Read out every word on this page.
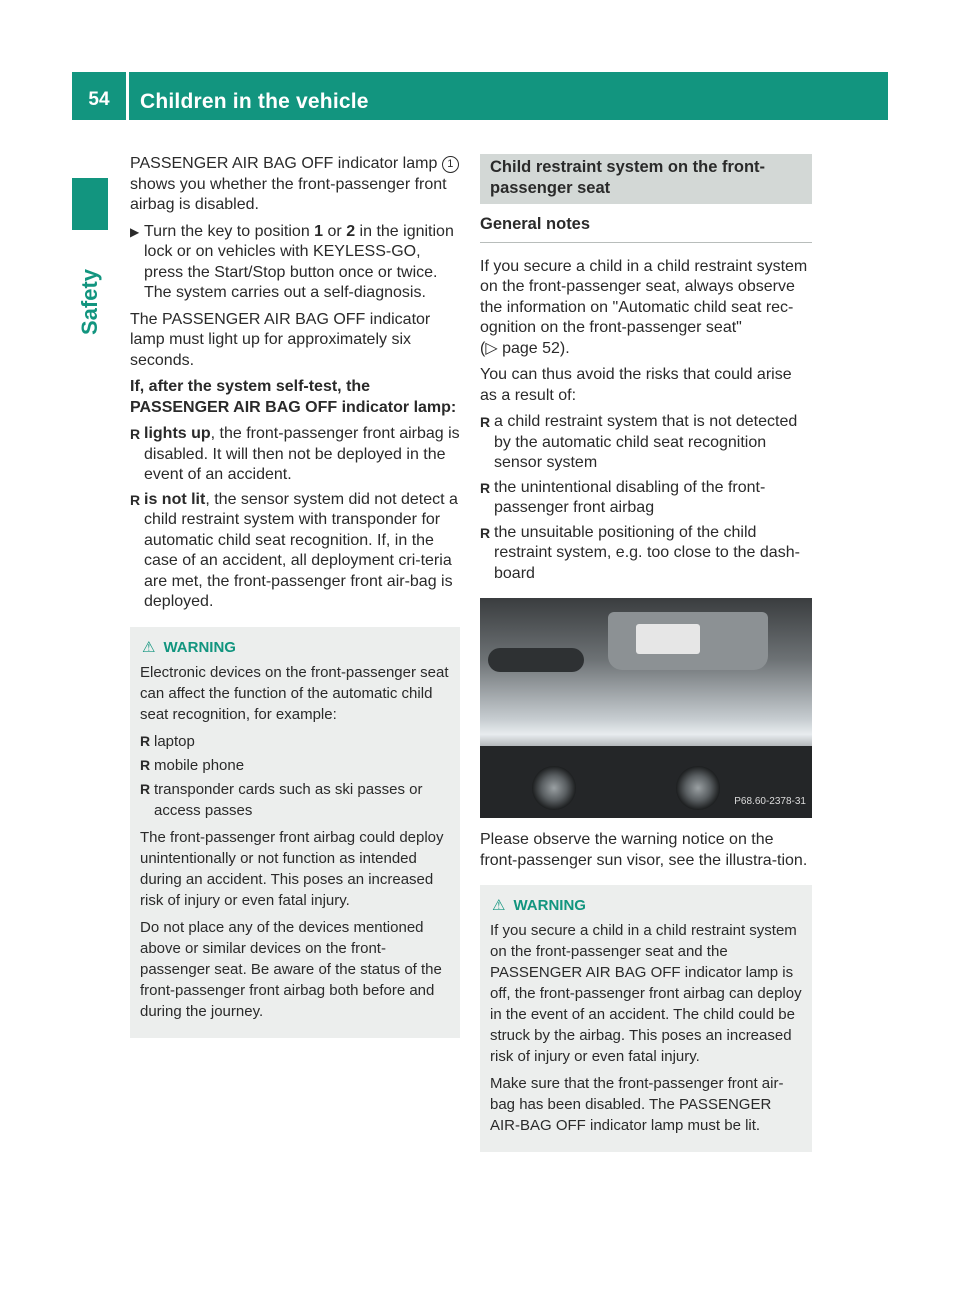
54	Children in the vehicle
Safety

PASSENGER AIR BAG OFF indicator lamp 1 shows you whether the front-passenger front airbag is disabled.

▶ Turn the key to position 1 or 2 in the ignition lock or on vehicles with KEYLESS-GO, press the Start/Stop button once or twice.
The system carries out a self-diagnosis.

The PASSENGER AIR BAG OFF indicator lamp must light up for approximately six seconds.

If, after the system self-test, the PASSENGER AIR BAG OFF indicator lamp:

R lights up, the front-passenger front airbag is disabled. It will then not be deployed in the event of an accident.
R is not lit, the sensor system did not detect a child restraint system with transponder for automatic child seat recognition. If, in the case of an accident, all deployment cri-teria are met, the front-passenger front air-bag is deployed.
⚠ WARNING

Electronic devices on the front-passenger seat can affect the function of the automatic child seat recognition, for example:

R laptop
R mobile phone
R transponder cards such as ski passes or access passes

The front-passenger front airbag could deploy unintentionally or not function as intended during an accident. This poses an increased risk of injury or even fatal injury.

Do not place any of the devices mentioned above or similar devices on the front-passenger seat. Be aware of the status of the front-passenger front airbag both before and during the journey.

Child restraint system on the front-passenger seat
General notes

If you secure a child in a child restraint system on the front-passenger seat, always observe the information on "Automatic child seat rec-ognition on the front-passenger seat"
(▷ page 52).

You can thus avoid the risks that could arise as a result of:

R a child restraint system that is not detected by the automatic child seat recognition sensor system
R the unintentional disabling of the front-passenger front airbag
R the unsuitable positioning of the child restraint system, e.g. too close to the dash-board
P68.60-2378-31

Please observe the warning notice on the front-passenger sun visor, see the illustra-tion.

⚠ WARNING

If you secure a child in a child restraint system on the front-passenger seat and the PASSENGER AIR BAG OFF indicator lamp is off, the front-passenger front airbag can deploy in the event of an accident. The child could be struck by the airbag. This poses an increased risk of injury or even fatal injury.

Make sure that the front-passenger front air-bag has been disabled. The PASSENGER AIR-BAG OFF indicator lamp must be lit.
